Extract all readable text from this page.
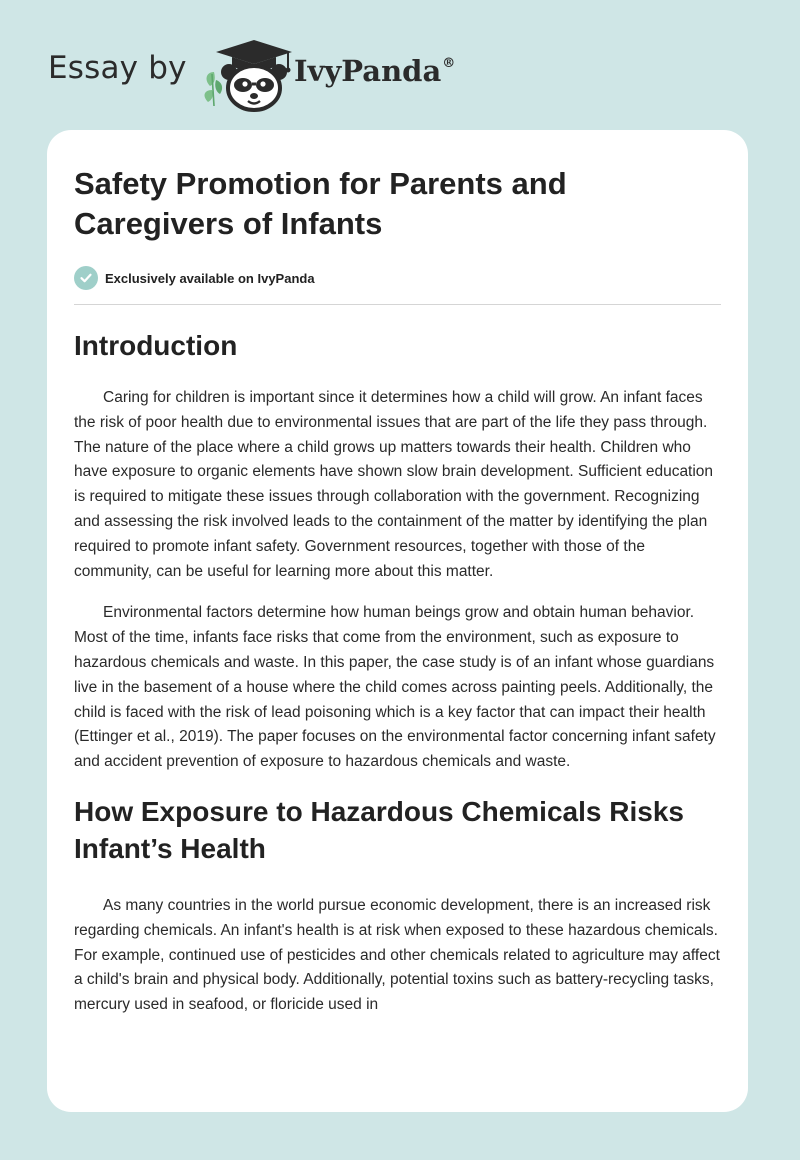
Essay by	IvyPanda®
Safety Promotion for Parents and Caregivers of Infants
Exclusively available on IvyPanda
Introduction

Caring for children is important since it determines how a child will grow. An infant faces the risk of poor health due to environmental issues that are part of the life they pass through. The nature of the place where a child grows up matters towards their health. Children who have exposure to organic elements have shown slow brain development. Sufficient education is required to mitigate these issues through collaboration with the government. Recognizing and assessing the risk involved leads to the containment of the matter by identifying the plan required to promote infant safety. Government resources, together with those of the community, can be useful for learning more about this matter.

Environmental factors determine how human beings grow and obtain human behavior. Most of the time, infants face risks that come from the environment, such as exposure to hazardous chemicals and waste. In this paper, the case study is of an infant whose guardians live in the basement of a house where the child comes across painting peels. Additionally, the child is faced with the risk of lead poisoning which is a key factor that can impact their health (Ettinger et al., 2019). The paper focuses on the environmental factor concerning infant safety and accident prevention of exposure to hazardous chemicals and waste.

How Exposure to Hazardous Chemicals Risks Infant’s Health

As many countries in the world pursue economic development, there is an increased risk regarding chemicals. An infant's health is at risk when exposed to these hazardous chemicals. For example, continued use of pesticides and other chemicals related to agriculture may affect a child's brain and physical body. Additionally, potential toxins such as battery-recycling tasks, mercury used in seafood, or floricide used in
